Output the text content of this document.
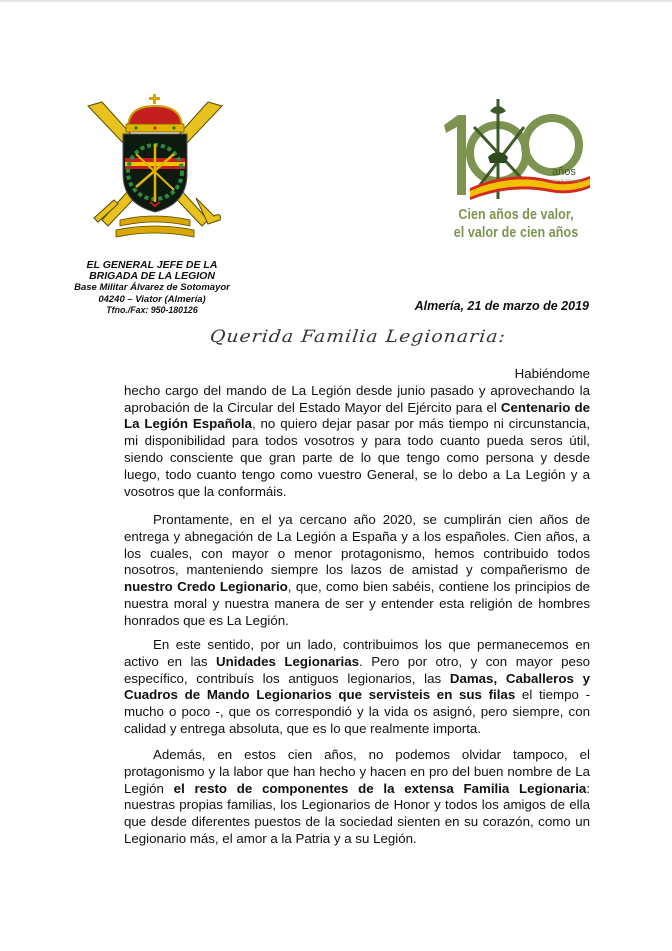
EL GENERAL JEFE DE LA
BRIGADA DE LA LEGION
Base Militar Álvarez de Sotomayor
04240 – Viator (Almería)
Tfno./Fax: 950-180126
años
LEGIÓN ESPAÑOLA
Cien años de valor,
el valor de cien años
Almería, 21 de marzo de 2019
Querida Familia Legionaria:

Habiéndome

hecho cargo del mando de La Legión desde junio pasado y aprovechando la aprobación de la Circular del Estado Mayor del Ejército para el Centenario de La Legión Española, no quiero dejar pasar por más tiempo ni circunstancia, mi disponibilidad para todos vosotros y para todo cuanto pueda seros útil, siendo consciente que gran parte de lo que tengo como persona y desde luego, todo cuanto tengo como vuestro General, se lo debo a La Legión y a vosotros que la conformáis.

Prontamente, en el ya cercano año 2020, se cumplirán cien años de entrega y abnegación de La Legión a España y a los españoles. Cien años, a los cuales, con mayor o menor protagonismo, hemos contribuido todos nosotros, manteniendo siempre los lazos de amistad y compañerismo de nuestro Credo Legionario, que, como bien sabéis, contiene los principios de nuestra moral y nuestra manera de ser y entender esta religión de hombres honrados que es La Legión.

En este sentido, por un lado, contribuimos los que permanecemos en activo en las Unidades Legionarias. Pero por otro, y con mayor peso específico, contribuís los antiguos legionarios, las Damas, Caballeros y Cuadros de Mando Legionarios que servisteis en sus filas el tiempo - mucho o poco -, que os correspondió y la vida os asignó, pero siempre, con calidad y entrega absoluta, que es lo que realmente importa.

Además, en estos cien años, no podemos olvidar tampoco, el protagonismo y la labor que han hecho y hacen en pro del buen nombre de La Legión el resto de componentes de la extensa Familia Legionaria: nuestras propias familias, los Legionarios de Honor y todos los amigos de ella que desde diferentes puestos de la sociedad sienten en su corazón, como un Legionario más, el amor a la Patria y a su Legión.
